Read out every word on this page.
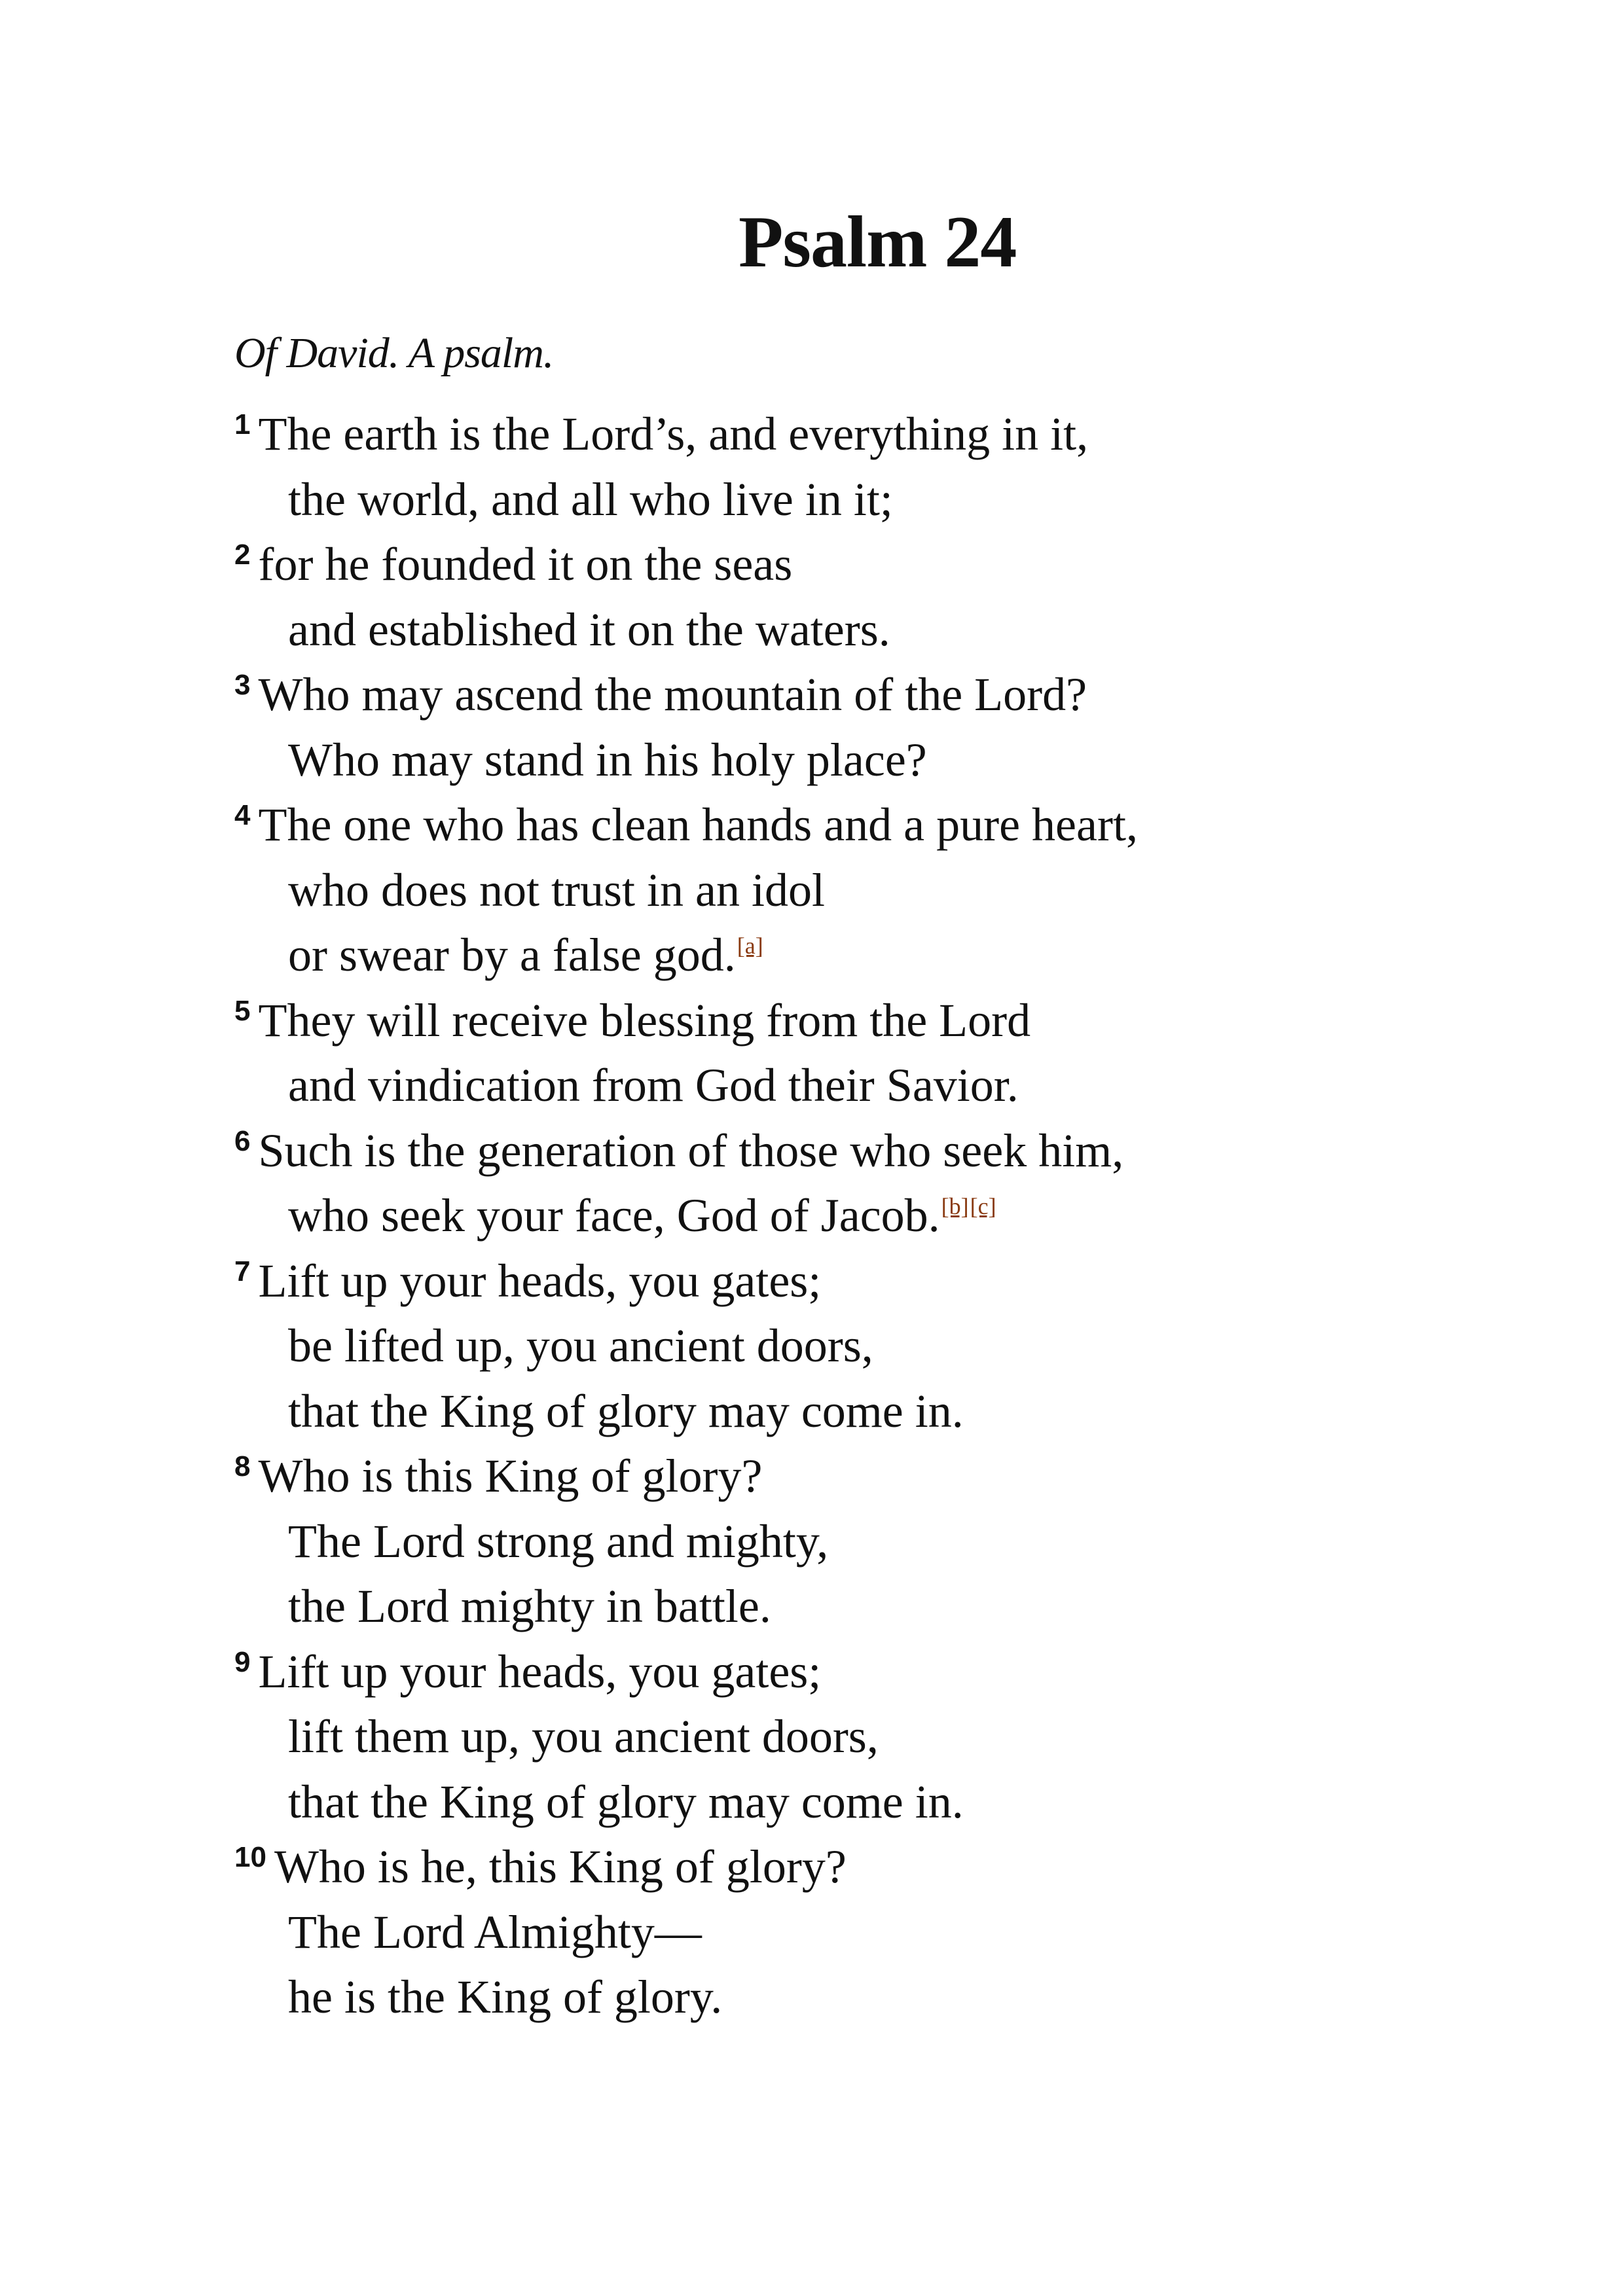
Psalm 24
Of David. A psalm.
$^1$ The earth is the Lord’s, and everything in it,
the world, and all who live in it;
$^2$ for he founded it on the seas
and established it on the waters.
$^3$ Who may ascend the mountain of the Lord?
Who may stand in his holy place?
$^4$ The one who has clean hands and a pure heart,
who does not trust in an idol
or swear by a false god.[a]
$^5$ They will receive blessing from the Lord
and vindication from God their Savior.
$^6$ Such is the generation of those who seek him,
who seek your face, God of Jacob.[b][c]
$^7$ Lift up your heads, you gates;
be lifted up, you ancient doors,
that the King of glory may come in.
$^8$ Who is this King of glory?
The Lord strong and mighty,
the Lord mighty in battle.
$^9$ Lift up your heads, you gates;
lift them up, you ancient doors,
that the King of glory may come in.
$^{10}$ Who is he, this King of glory?
The Lord Almighty—
he is the King of glory.
